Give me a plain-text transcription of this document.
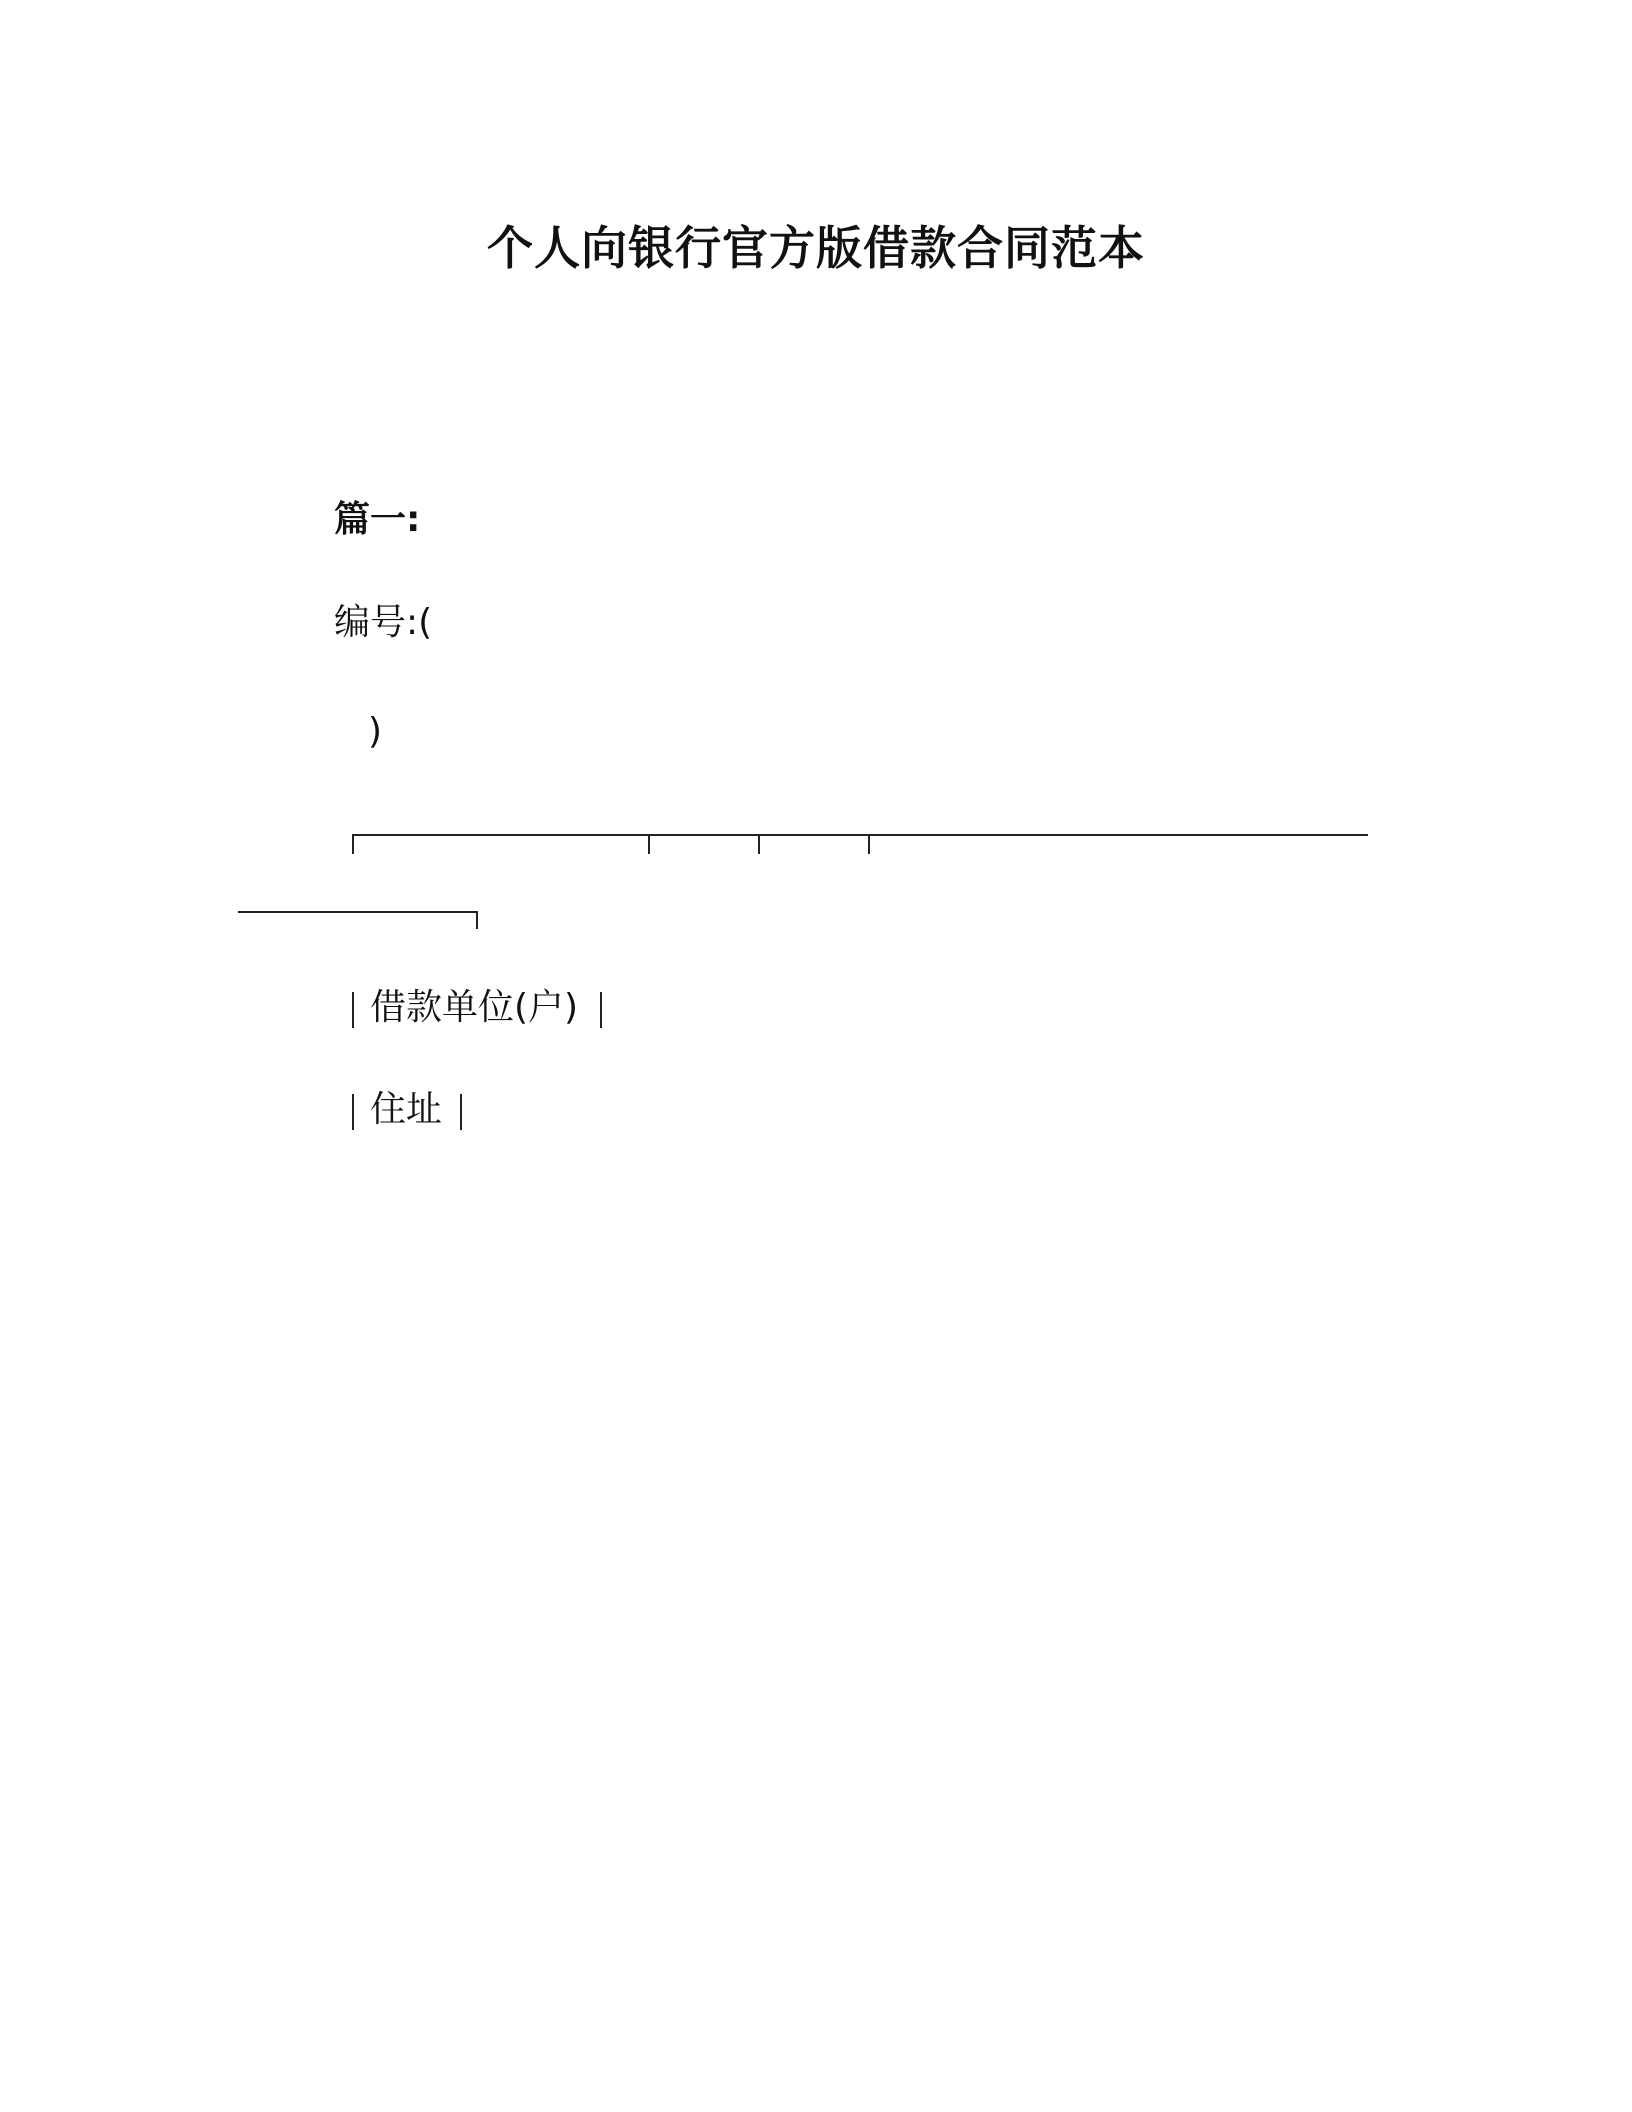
个人向银行官方版借款合同范本
篇一:
编号:(
)
借款单位(户)
住址
